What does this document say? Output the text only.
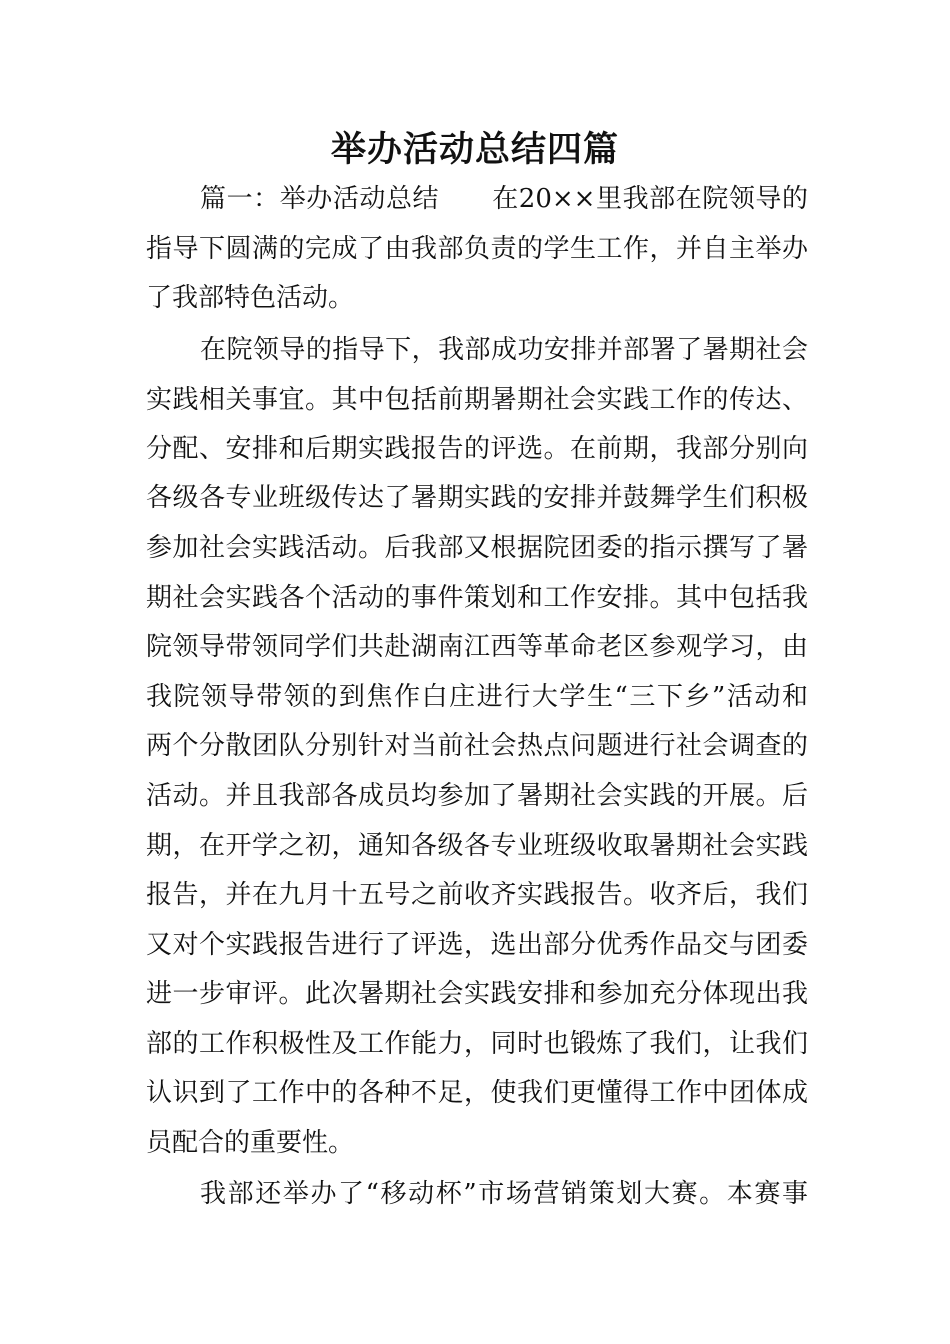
举办活动总结四篇
篇一：举办活动总结　　在20××里我部在院领导的
指导下圆满的完成了由我部负责的学生工作，并自主举办
了我部特色活动。
在院领导的指导下，我部成功安排并部署了暑期社会
实践相关事宜。其中包括前期暑期社会实践工作的传达、
分配、安排和后期实践报告的评选。在前期，我部分别向
各级各专业班级传达了暑期实践的安排并鼓舞学生们积极
参加社会实践活动。后我部又根据院团委的指示撰写了暑
期社会实践各个活动的事件策划和工作安排。其中包括我
院领导带领同学们共赴湖南江西等革命老区参观学习，由
我院领导带领的到焦作白庄进行大学生“三下乡”活动和
两个分散团队分别针对当前社会热点问题进行社会调查的
活动。并且我部各成员均参加了暑期社会实践的开展。后
期，在开学之初，通知各级各专业班级收取暑期社会实践
报告，并在九月十五号之前收齐实践报告。收齐后，我们
又对个实践报告进行了评选，选出部分优秀作品交与团委
进一步审评。此次暑期社会实践安排和参加充分体现出我
部的工作积极性及工作能力，同时也锻炼了我们，让我们
认识到了工作中的各种不足，使我们更懂得工作中团体成
员配合的重要性。
我部还举办了“移动杯”市场营销策划大赛。本赛事
